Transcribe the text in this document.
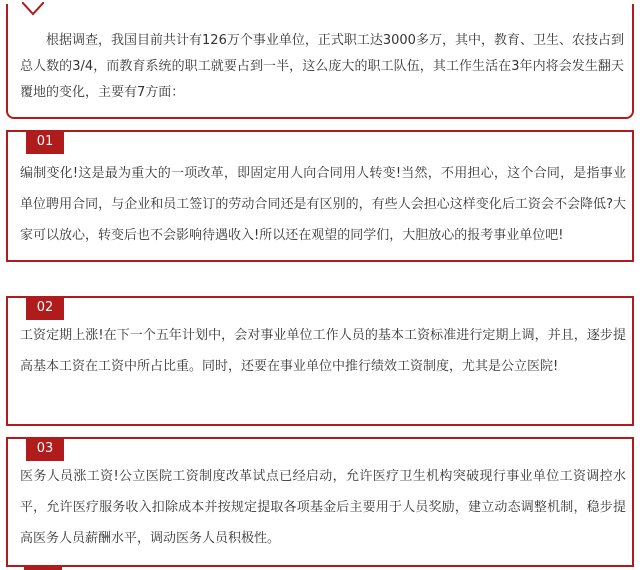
根据调查，我国目前共计有126万个事业单位，正式职工达3000多万，其中，教育、卫生、农技占到总人数的3/4，而教育系统的职工就要占到一半，这么庞大的职工队伍，其工作生活在3年内将会发生翻天覆地的变化，主要有7方面：

01

编制变化!这是最为重大的一项改革，即固定用人向合同用人转变!当然，不用担心，这个合同，是指事业单位聘用合同，与企业和员工签订的劳动合同还是有区别的，有些人会担心这样变化后工资会不会降低?大家可以放心，转变后也不会影响待遇收入!所以还在观望的同学们，大胆放心的报考事业单位吧!

02

工资定期上涨!在下一个五年计划中，会对事业单位工作人员的基本工资标准进行定期上调，并且，逐步提高基本工资在工资中所占比重。同时，还要在事业单位中推行绩效工资制度，尤其是公立医院!

03

医务人员涨工资!公立医院工资制度改革试点已经启动，允许医疗卫生机构突破现行事业单位工资调控水平，允许医疗服务收入扣除成本并按规定提取各项基金后主要用于人员奖励，建立动态调整机制，稳步提高医务人员薪酬水平，调动医务人员积极性。
